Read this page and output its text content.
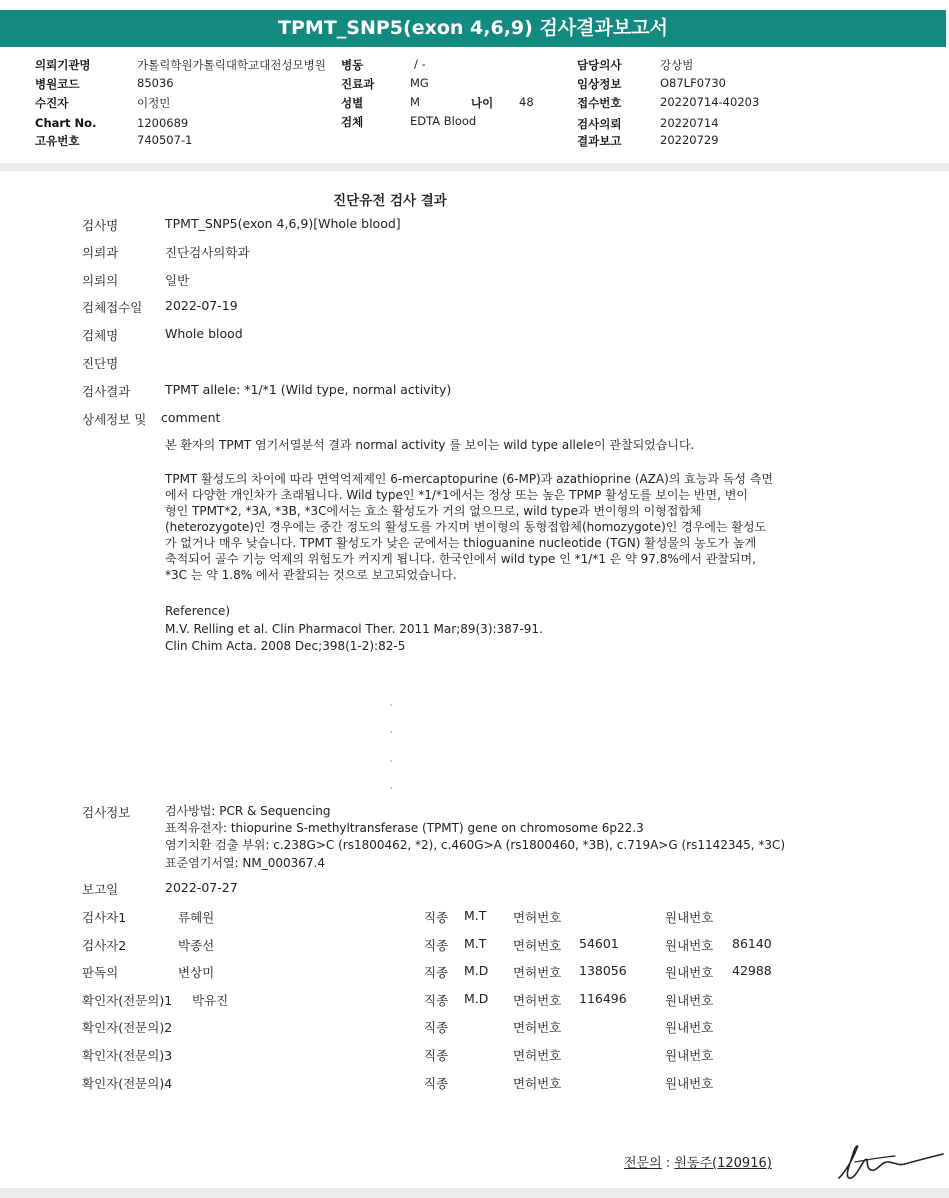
TPMT_SNP5(exon 4,6,9) 검사결과보고서
의뢰기관명	가톨릭학원가톨릭대학교대전성모병원
병원코드	85036
수진자	이정민
Chart No.	1200689
고유번호	740507-1
병동	/ -
진료과	MG
성별	M	나이 48
검체	EDTA Blood
담당의사	강상범
임상정보	O87LF0730
접수번호	20220714-40203
검사의뢰	20220714
결과보고	20220729
진단유전 검사 결과
검사명	TPMT_SNP5(exon 4,6,9)[Whole blood]
의뢰과	진단검사의학과
의뢰의	일반
검체접수일 2022-07-19
검체명	Whole blood
진단명
검사결과	TPMT allele: *1/*1 (Wild type, normal activity)
상세정보 및 comment

본 환자의 TPMT 염기서열분석 결과 normal activity 를 보이는 wild type allele이 관찰되었습니다.

TPMT 활성도의 차이에 따라 면역억제제인 6-mercaptopurine (6-MP)과 azathioprine (AZA)의 효능과 독성 측면
에서 다양한 개인차가 초래됩니다. Wild type인 *1/*1에서는 정상 또는 높은 TPMP 활성도를 보이는 반면, 변이
형인 TPMT*2, *3A, *3B, *3C에서는 효소 활성도가 거의 없으므로, wild type과 변이형의 이형접합체
(heterozygote)인 경우에는 중간 정도의 활성도를 가지며 변이형의 동형접합체(homozygote)인 경우에는 활성도
가 없거나 매우 낮습니다. TPMT 활성도가 낮은 군에서는 thioguanine nucleotide (TGN) 활성물의 농도가 높게
축적되어 골수 기능 억제의 위험도가 커지게 됩니다. 한국인에서 wild type 인 *1/*1 은 약 97.8%에서 관찰되며,
*3C 는 약 1.8% 에서 관찰되는 것으로 보고되었습니다.

Reference)
M.V. Relling et al. Clin Pharmacol Ther. 2011 Mar;89(3):387-91.
Clin Chim Acta. 2008 Dec;398(1-2):82-5
검사정보	검사방법: PCR & Sequencing
표적유전자: thiopurine S-methyltransferase (TPMT) gene on chromosome 6p22.3
염기치환 검출 부위: c.238G>C (rs1800462, *2), c.460G>A (rs1800460, *3B), c.719A>G (rs1142345, *3C)
표준염기서열: NM_000367.4
보고일	2022-07-27
검사자1	류혜원	직종 M.T 면허번호	원내번호
검사자2	박종선	직종 M.T 면허번호 54601	원내번호 86140
판독의	변상미	직종 M.D 면허번호 138056	원내번호 42988
확인자(전문의)1 박유진	직종 M.D 면허번호 116496	원내번호
확인자(전문의)2	직종	면허번호	원내번호
확인자(전문의)3	직종	면허번호	원내번호
확인자(전문의)4	직종	면허번호	원내번호
전문의 : 원동주(120916)
